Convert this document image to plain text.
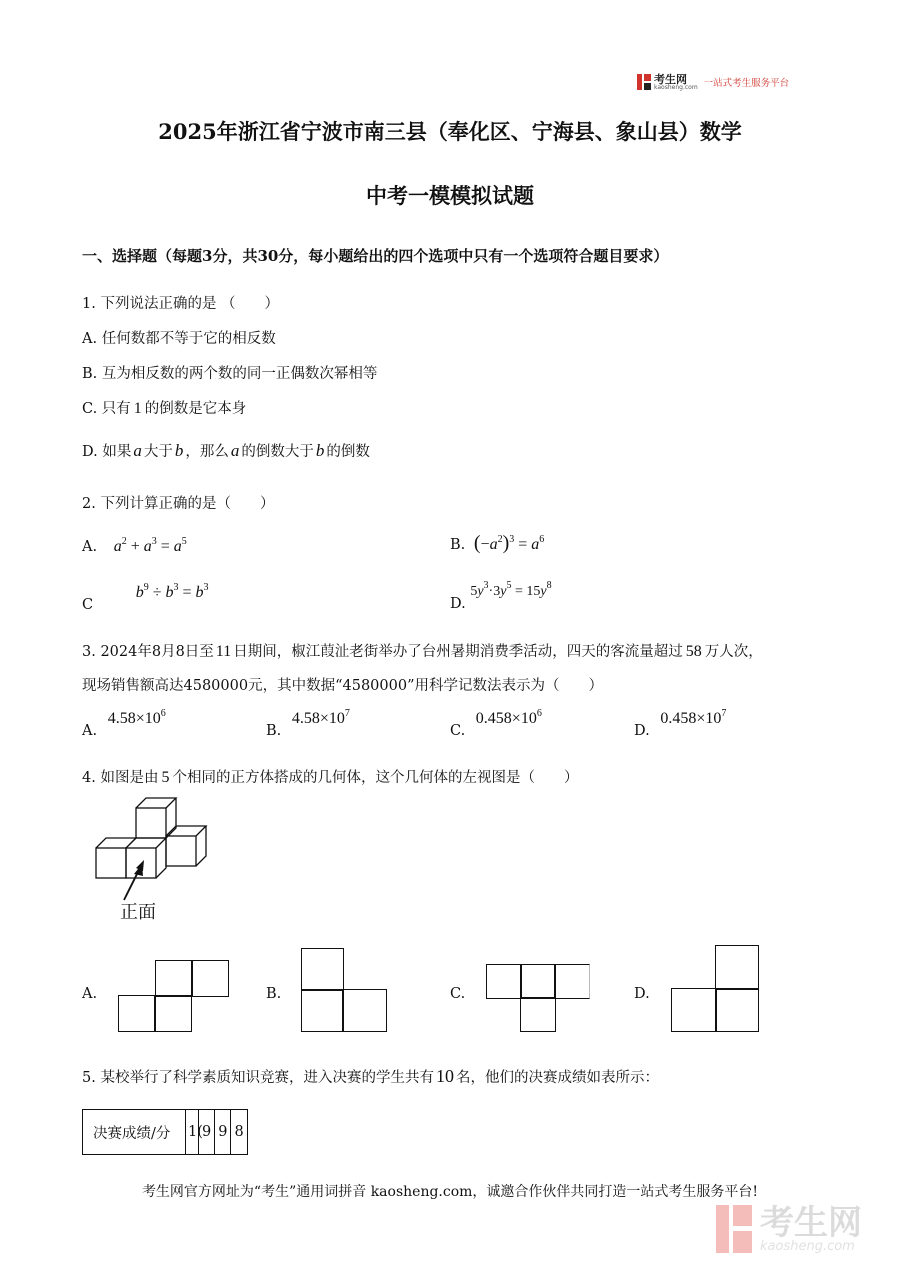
考生网
kaosheng.com 一站式考生服务平台
2025年浙江省宁波市南三县（奉化区、宁海县、象山县）数学
中考一模模拟试题
一、选择题（每题3分，共30分，每小题给出的四个选项中只有一个选项符合题目要求）
1. 下列说法正确的是 （　　）
A. 任何数都不等于它的相反数
B. 互为相反数的两个数的同一正偶数次幂相等
C. 只有 1 的倒数是它本身
D. 如果 a 大于 b ，那么 a 的倒数大于 b 的倒数
2. 下列计算正确的是（　　）
A. $a^2 + a^3 = a^5$	B. $(-a^2)^3 = a^6$
C $b^9 \div b^3 = b^3$
D. $5y^3\cdot 3y^5 = 15y^8$
3. 2024年8月8日至 11 日期间，椒江葭沚老街举办了台州暑期消费季活动，四天的客流量超过 58 万人次，
现场销售额高达4580000元，其中数据“4580000”用科学记数法表示为（　　）
A. $4.58\times 10^6$
B. $4.58\times 10^7$
C. $0.458\times 10^6$
D. $0.458\times 10^7$
4. 如图是由 5 个相同的正方体搭成的几何体，这个几何体的左视图是（　　）
正面
A.	B.	C.	D.
5. 某校举行了科学素质知识竞赛，进入决赛的学生共有 10 名，他们的决赛成绩如表所示：
决赛成绩/分	1(	9	9	8
考生网官方网址为“考生”通用词拼音 kaosheng.com，诚邀合作伙伴共同打造一站式考生服务平台!
考生网
kaosheng.com
